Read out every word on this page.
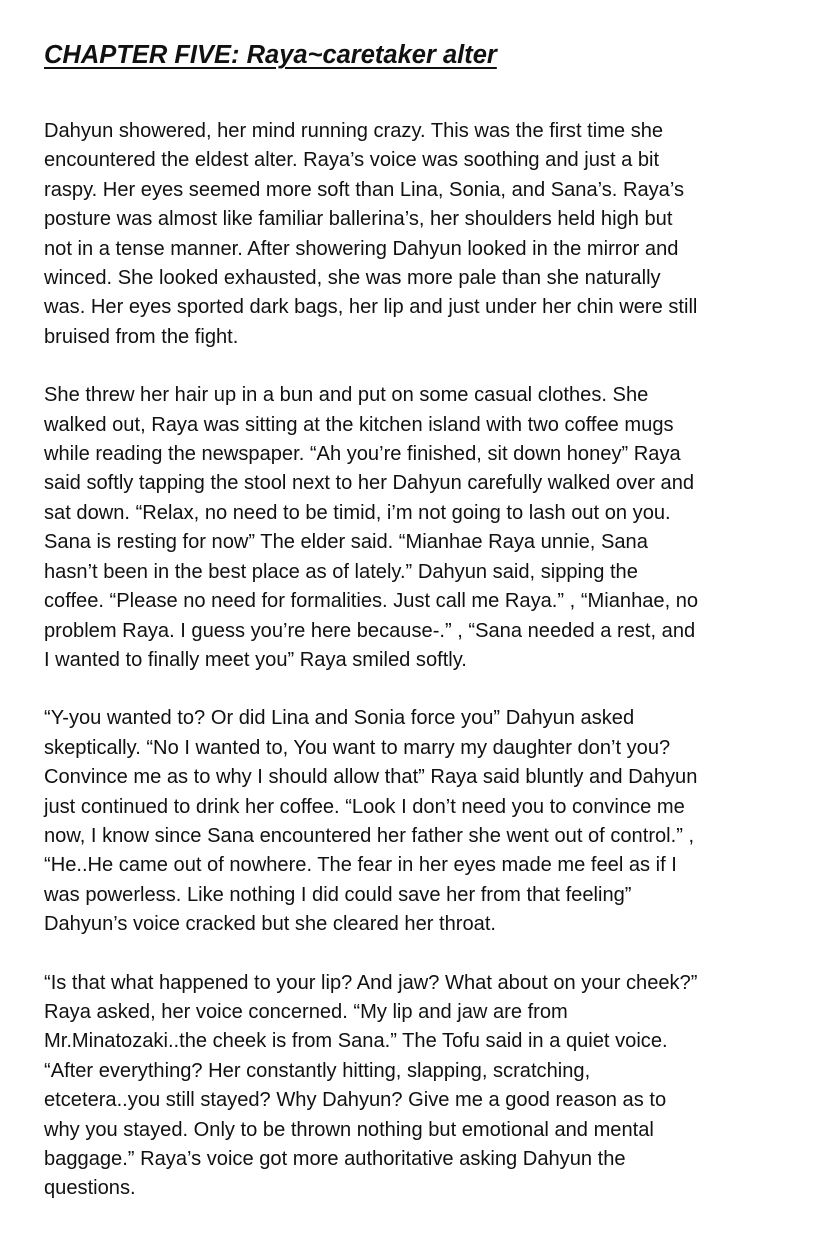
CHAPTER FIVE: Raya~caretaker alter

Dahyun showered, her mind running crazy. This was the first time she
encountered the eldest alter. Raya’s voice was soothing and just a bit
raspy. Her eyes seemed more soft than Lina, Sonia, and Sana’s. Raya’s
posture was almost like familiar ballerina’s, her shoulders held high but
not in a tense manner. After showering Dahyun looked in the mirror and
winced. She looked exhausted, she was more pale than she naturally
was. Her eyes sported dark bags, her lip and just under her chin were still
bruised from the fight.

She threw her hair up in a bun and put on some casual clothes. She
walked out, Raya was sitting at the kitchen island with two coffee mugs
while reading the newspaper. “Ah you’re finished, sit down honey” Raya
said softly tapping the stool next to her Dahyun carefully walked over and
sat down. “Relax, no need to be timid, i’m not going to lash out on you.
Sana is resting for now” The elder said. “Mianhae Raya unnie, Sana
hasn’t been in the best place as of lately.” Dahyun said, sipping the
coffee. “Please no need for formalities. Just call me Raya.” , “Mianhae, no
problem Raya. I guess you’re here because-.” , “Sana needed a rest, and
I wanted to finally meet you” Raya smiled softly.

“Y-you wanted to? Or did Lina and Sonia force you” Dahyun asked
skeptically. “No I wanted to, You want to marry my daughter don’t you?
Convince me as to why I should allow that” Raya said bluntly and Dahyun
just continued to drink her coffee. “Look I don’t need you to convince me
now, I know since Sana encountered her father she went out of control.” ,
“He..He came out of nowhere. The fear in her eyes made me feel as if I
was powerless. Like nothing I did could save her from that feeling”
Dahyun’s voice cracked but she cleared her throat.

“Is that what happened to your lip? And jaw? What about on your cheek?”
Raya asked, her voice concerned. “My lip and jaw are from
Mr.Minatozaki..the cheek is from Sana.” The Tofu said in a quiet voice.
“After everything? Her constantly hitting, slapping, scratching,
etcetera..you still stayed? Why Dahyun? Give me a good reason as to
why you stayed. Only to be thrown nothing but emotional and mental
baggage.” Raya’s voice got more authoritative asking Dahyun the
questions.
